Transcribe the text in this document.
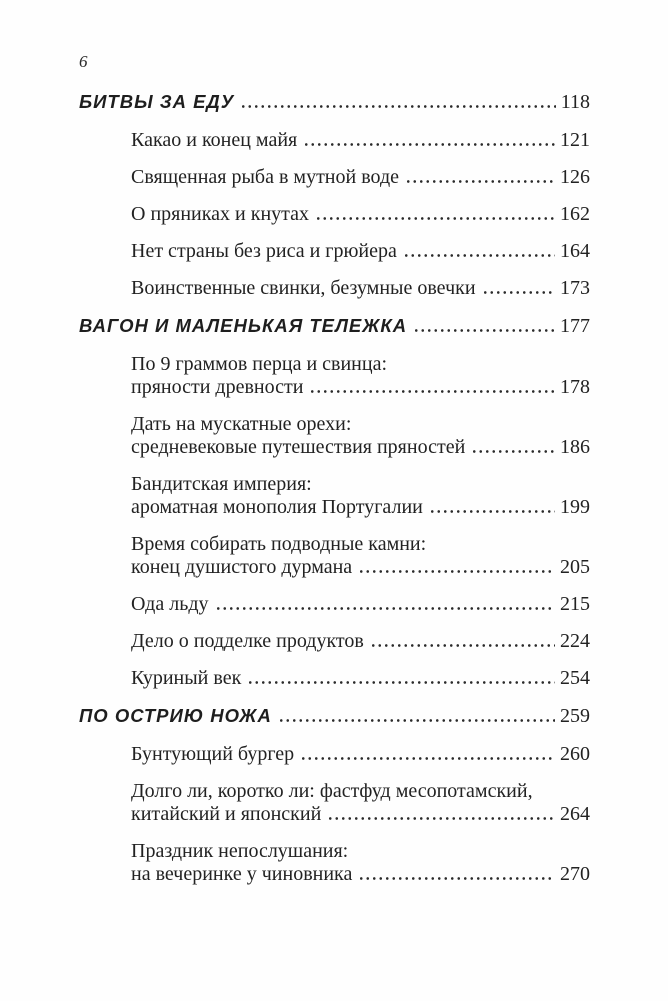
6
БИТВЫ ЗА ЕДУ	118
Какао и конец майя	121
Священная рыба в мутной воде	126
О пряниках и кнутах	162
Нет страны без риса и грюйера	164
Воинственные свинки, безумные овечки	173
ВАГОН И МАЛЕНЬКАЯ ТЕЛЕЖКА	177
По 9 граммов перца и свинца:
пряности древности	178
Дать на мускатные орехи:
средневековые путешествия пряностей	186
Бандитская империя:
ароматная монополия Португалии	199
Время собирать подводные камни:
конец душистого дурмана	205
Ода льду	215
Дело о подделке продуктов	224
Куриный век	254
ПО ОСТРИЮ НОЖА	259
Бунтующий бургер	260
Долго ли, коротко ли: фастфуд месопотамский,
китайский и японский	264
Праздник непослушания:
на вечеринке у чиновника	270
